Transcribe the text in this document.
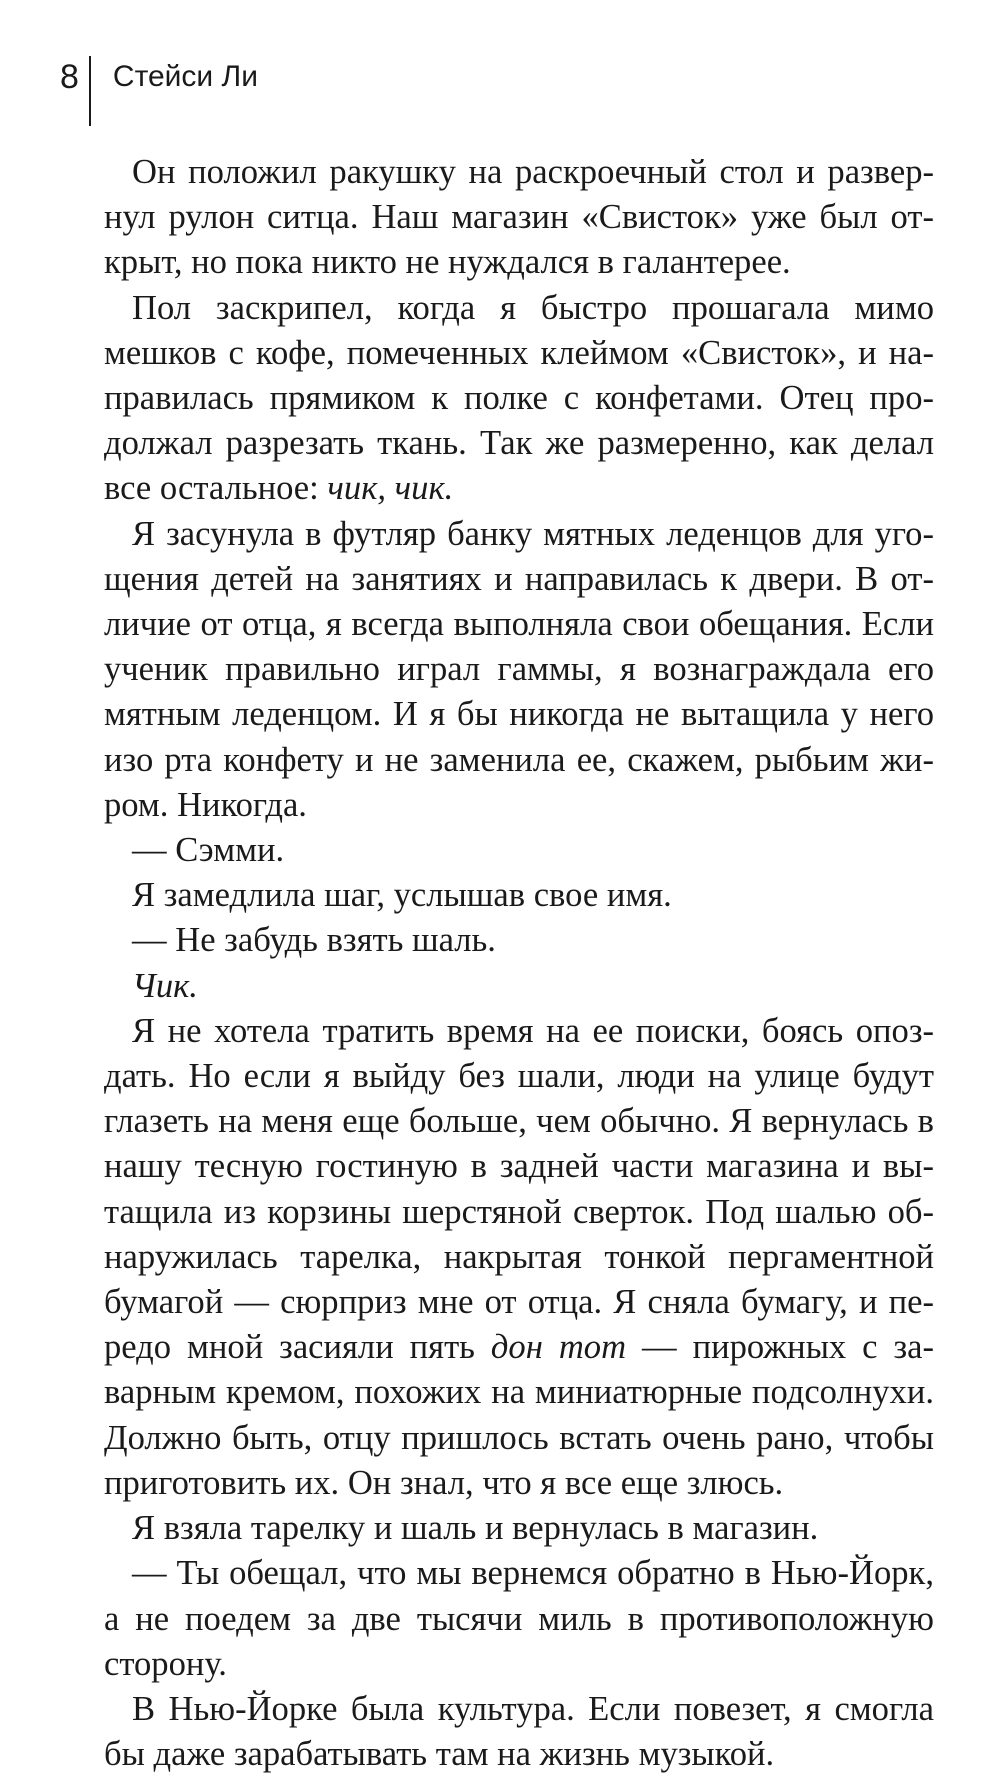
8	Стейси Ли

Он положил ракушку на раскроечный стол и развернул рулон ситца. Наш магазин «Свисток» уже был открыт, но пока никто не нуждался в галантерее.

Пол заскрипел, когда я быстро прошагала мимо мешков с кофе, помеченных клеймом «Свисток», и направилась прямиком к полке с конфетами. Отец продолжал разрезать ткань. Так же размеренно, как делал все остальное: чик, чик.

Я засунула в футляр банку мятных леденцов для угощения детей на занятиях и направилась к двери. В отличие от отца, я всегда выполняла свои обещания. Если ученик правильно играл гаммы, я вознаграждала его мятным леденцом. И я бы никогда не вытащила у него изо рта конфету и не заменила ее, скажем, рыбьим жиром. Никогда.

— Сэмми.

Я замедлила шаг, услышав свое имя.

— Не забудь взять шаль.

Чик.

Я не хотела тратить время на ее поиски, боясь опоздать. Но если я выйду без шали, люди на улице будут глазеть на меня еще больше, чем обычно. Я вернулась в нашу тесную гостиную в задней части магазина и вытащила из корзины шерстяной сверток. Под шалью обнаружилась тарелка, накрытая тонкой пергаментной бумагой — сюрприз мне от отца. Я сняла бумагу, и передо мной засияли пять дон тот — пирожных с заварным кремом, похожих на миниатюрные подсолнухи. Должно быть, отцу пришлось встать очень рано, чтобы приготовить их. Он знал, что я все еще злюсь.

Я взяла тарелку и шаль и вернулась в магазин.

— Ты обещал, что мы вернемся обратно в Нью-Йорк, а не поедем за две тысячи миль в противоположную сторону.

В Нью-Йорке была культура. Если повезет, я смогла бы даже зарабатывать там на жизнь музыкой.
